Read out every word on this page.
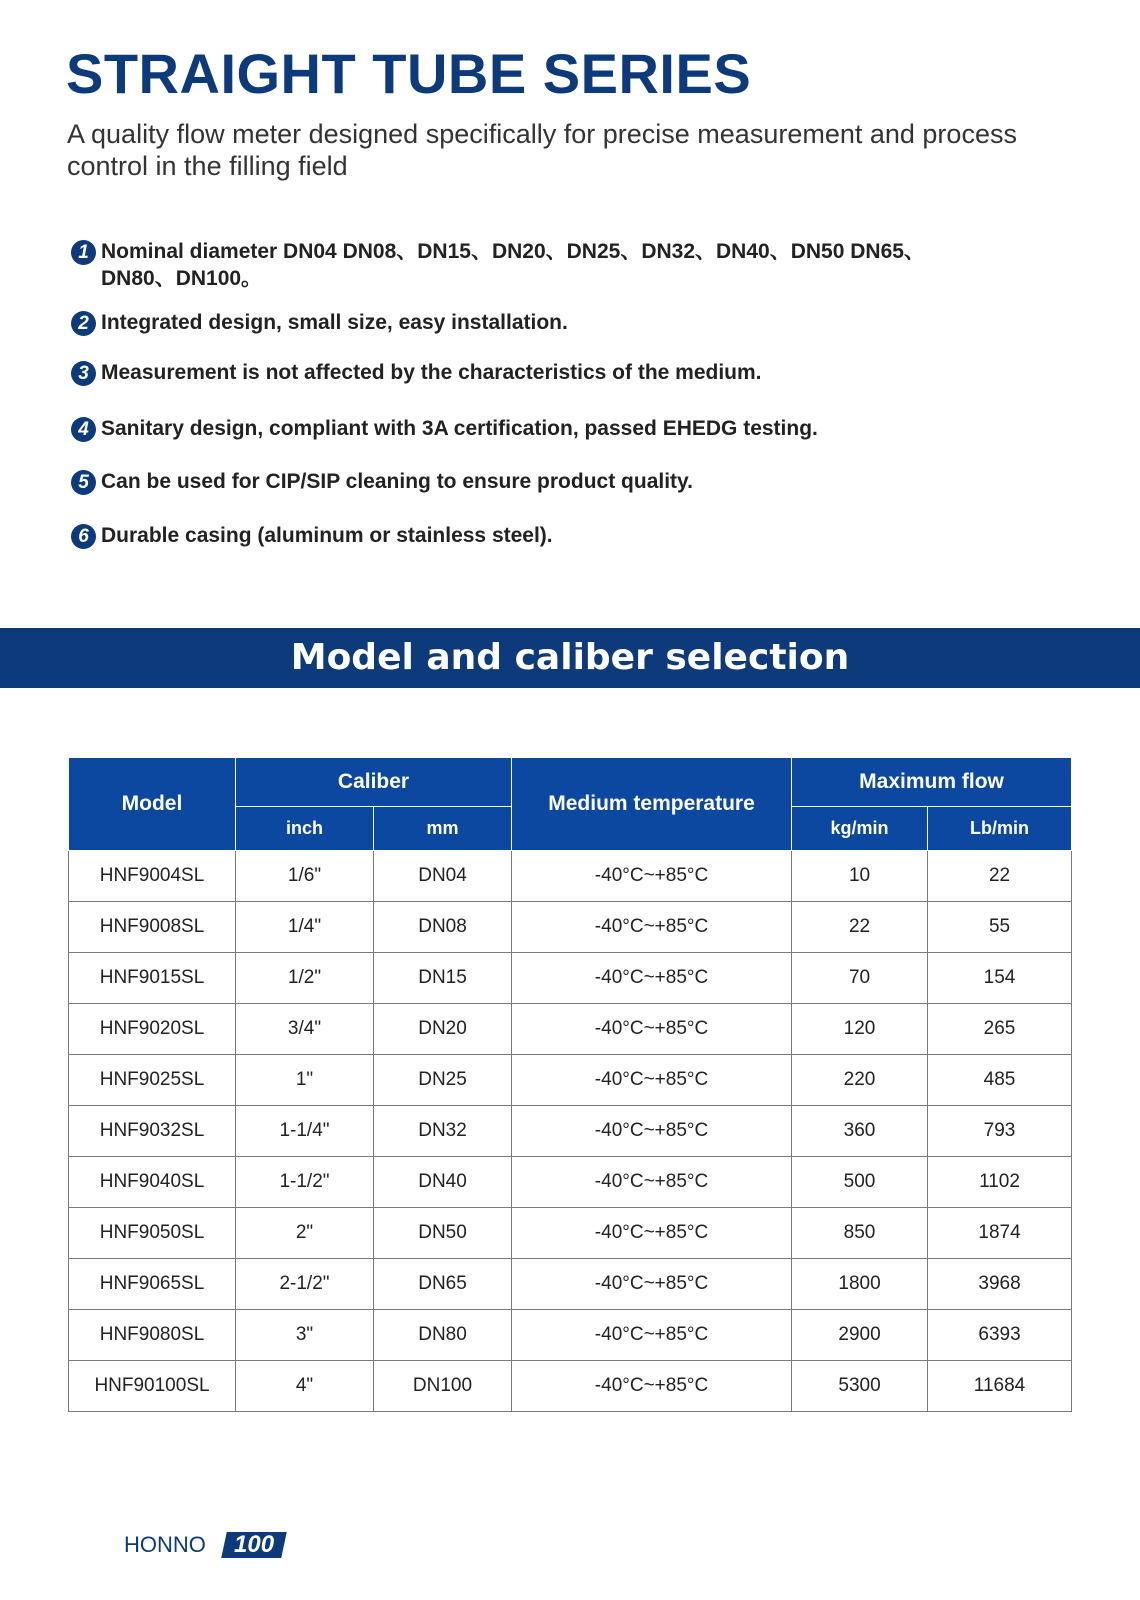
STRAIGHT TUBE SERIES

A quality flow meter designed specifically for precise measurement and process control in the filling field

1 Nominal diameter DN04 DN08、DN15、DN20、DN25、DN32、DN40、DN50 DN65、DN80、DN100。
2 Integrated design, small size, easy installation.
3 Measurement is not affected by the characteristics of the medium.
4 Sanitary design, compliant with 3A certification, passed EHEDG testing.
5 Can be used for CIP/SIP cleaning to ensure product quality.
6 Durable casing (aluminum or stainless steel).
Model and caliber selection
Model	Caliber		Medium temperature	Maximum flow	
	inch	mm		kg/min	Lb/min
HNF9004SL	1/6"	DN04	-40°C~+85°C	10	22
HNF9008SL	1/4"	DN08	-40°C~+85°C	22	55
HNF9015SL	1/2"	DN15	-40°C~+85°C	70	154
HNF9020SL	3/4"	DN20	-40°C~+85°C	120	265
HNF9025SL	1"	DN25	-40°C~+85°C	220	485
HNF9032SL	1-1/4"	DN32	-40°C~+85°C	360	793
HNF9040SL	1-1/2"	DN40	-40°C~+85°C	500	1102
HNF9050SL	2"	DN50	-40°C~+85°C	850	1874
HNF9065SL	2-1/2"	DN65	-40°C~+85°C	1800	3968
HNF9080SL	3"	DN80	-40°C~+85°C	2900	6393
HNF90100SL	4"	DN100	-40°C~+85°C	5300	11684
HONNO	100
